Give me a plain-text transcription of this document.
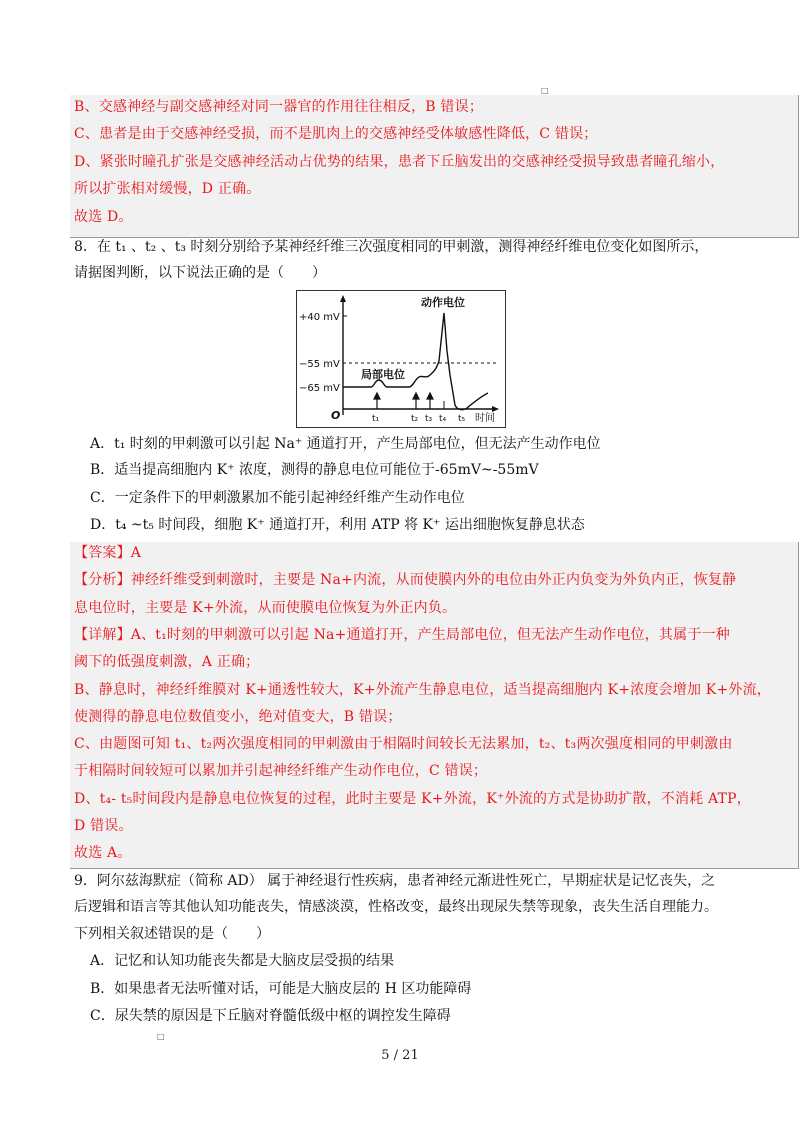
□
B、交感神经与副交感神经对同一器官的作用往往相反，B 错误；
C、患者是由于交感神经受损，而不是肌肉上的交感神经受体敏感性降低，C 错误；
D、紧张时瞳孔扩张是交感神经活动占优势的结果，患者下丘脑发出的交感神经受损导致患者瞳孔缩小，
所以扩张相对缓慢，D 正确。
故选 D。
8．在 t₁ 、t₂ 、t₃ 时刻分别给予某神经纤维三次强度相同的甲刺激，测得神经纤维电位变化如图所示，
请据图判断，以下说法正确的是（　　）
+40 mV
−55 mV
−65 mV
动作电位
局部电位
O	t₁	t₂ t₃ t₄ t₅ 时间
A．t₁ 时刻的甲刺激可以引起 Na⁺ 通道打开，产生局部电位，但无法产生动作电位
B．适当提高细胞内 K⁺ 浓度，测得的静息电位可能位于-65mV~-55mV
C．一定条件下的甲刺激累加不能引起神经纤维产生动作电位
D．t₄ ~t₅ 时间段，细胞 K⁺ 通道打开，利用 ATP 将 K⁺ 运出细胞恢复静息状态
【答案】A
【分析】神经纤维受到刺激时，主要是 Na+内流，从而使膜内外的电位由外正内负变为外负内正，恢复静
息电位时，主要是 K+外流，从而使膜电位恢复为外正内负。
【详解】A、t₁时刻的甲刺激可以引起 Na+通道打开，产生局部电位，但无法产生动作电位，其属于一种
阈下的低强度刺激，A 正确；
B、静息时，神经纤维膜对 K+通透性较大，K+外流产生静息电位，适当提高细胞内 K+浓度会增加 K+外流，
使测得的静息电位数值变小，绝对值变大，B 错误；
C、由题图可知 t₁、t₂两次强度相同的甲刺激由于相隔时间较长无法累加，t₂、t₃两次强度相同的甲刺激由
于相隔时间较短可以累加并引起神经纤维产生动作电位，C 错误；
D、t₄- t₅时间段内是静息电位恢复的过程，此时主要是 K+外流，K⁺外流的方式是协助扩散，不消耗 ATP，
D 错误。
故选 A。
9．阿尔兹海默症（简称 AD） 属于神经退行性疾病，患者神经元渐进性死亡，早期症状是记忆丧失，之
后逻辑和语言等其他认知功能丧失，情感淡漠，性格改变，最终出现尿失禁等现象，丧失生活自理能力。
下列相关叙述错误的是（　　）
A．记忆和认知功能丧失都是大脑皮层受损的结果
B．如果患者无法听懂对话，可能是大脑皮层的 H 区功能障碍
C．尿失禁的原因是下丘脑对脊髓低级中枢的调控发生障碍
□
5 / 21
